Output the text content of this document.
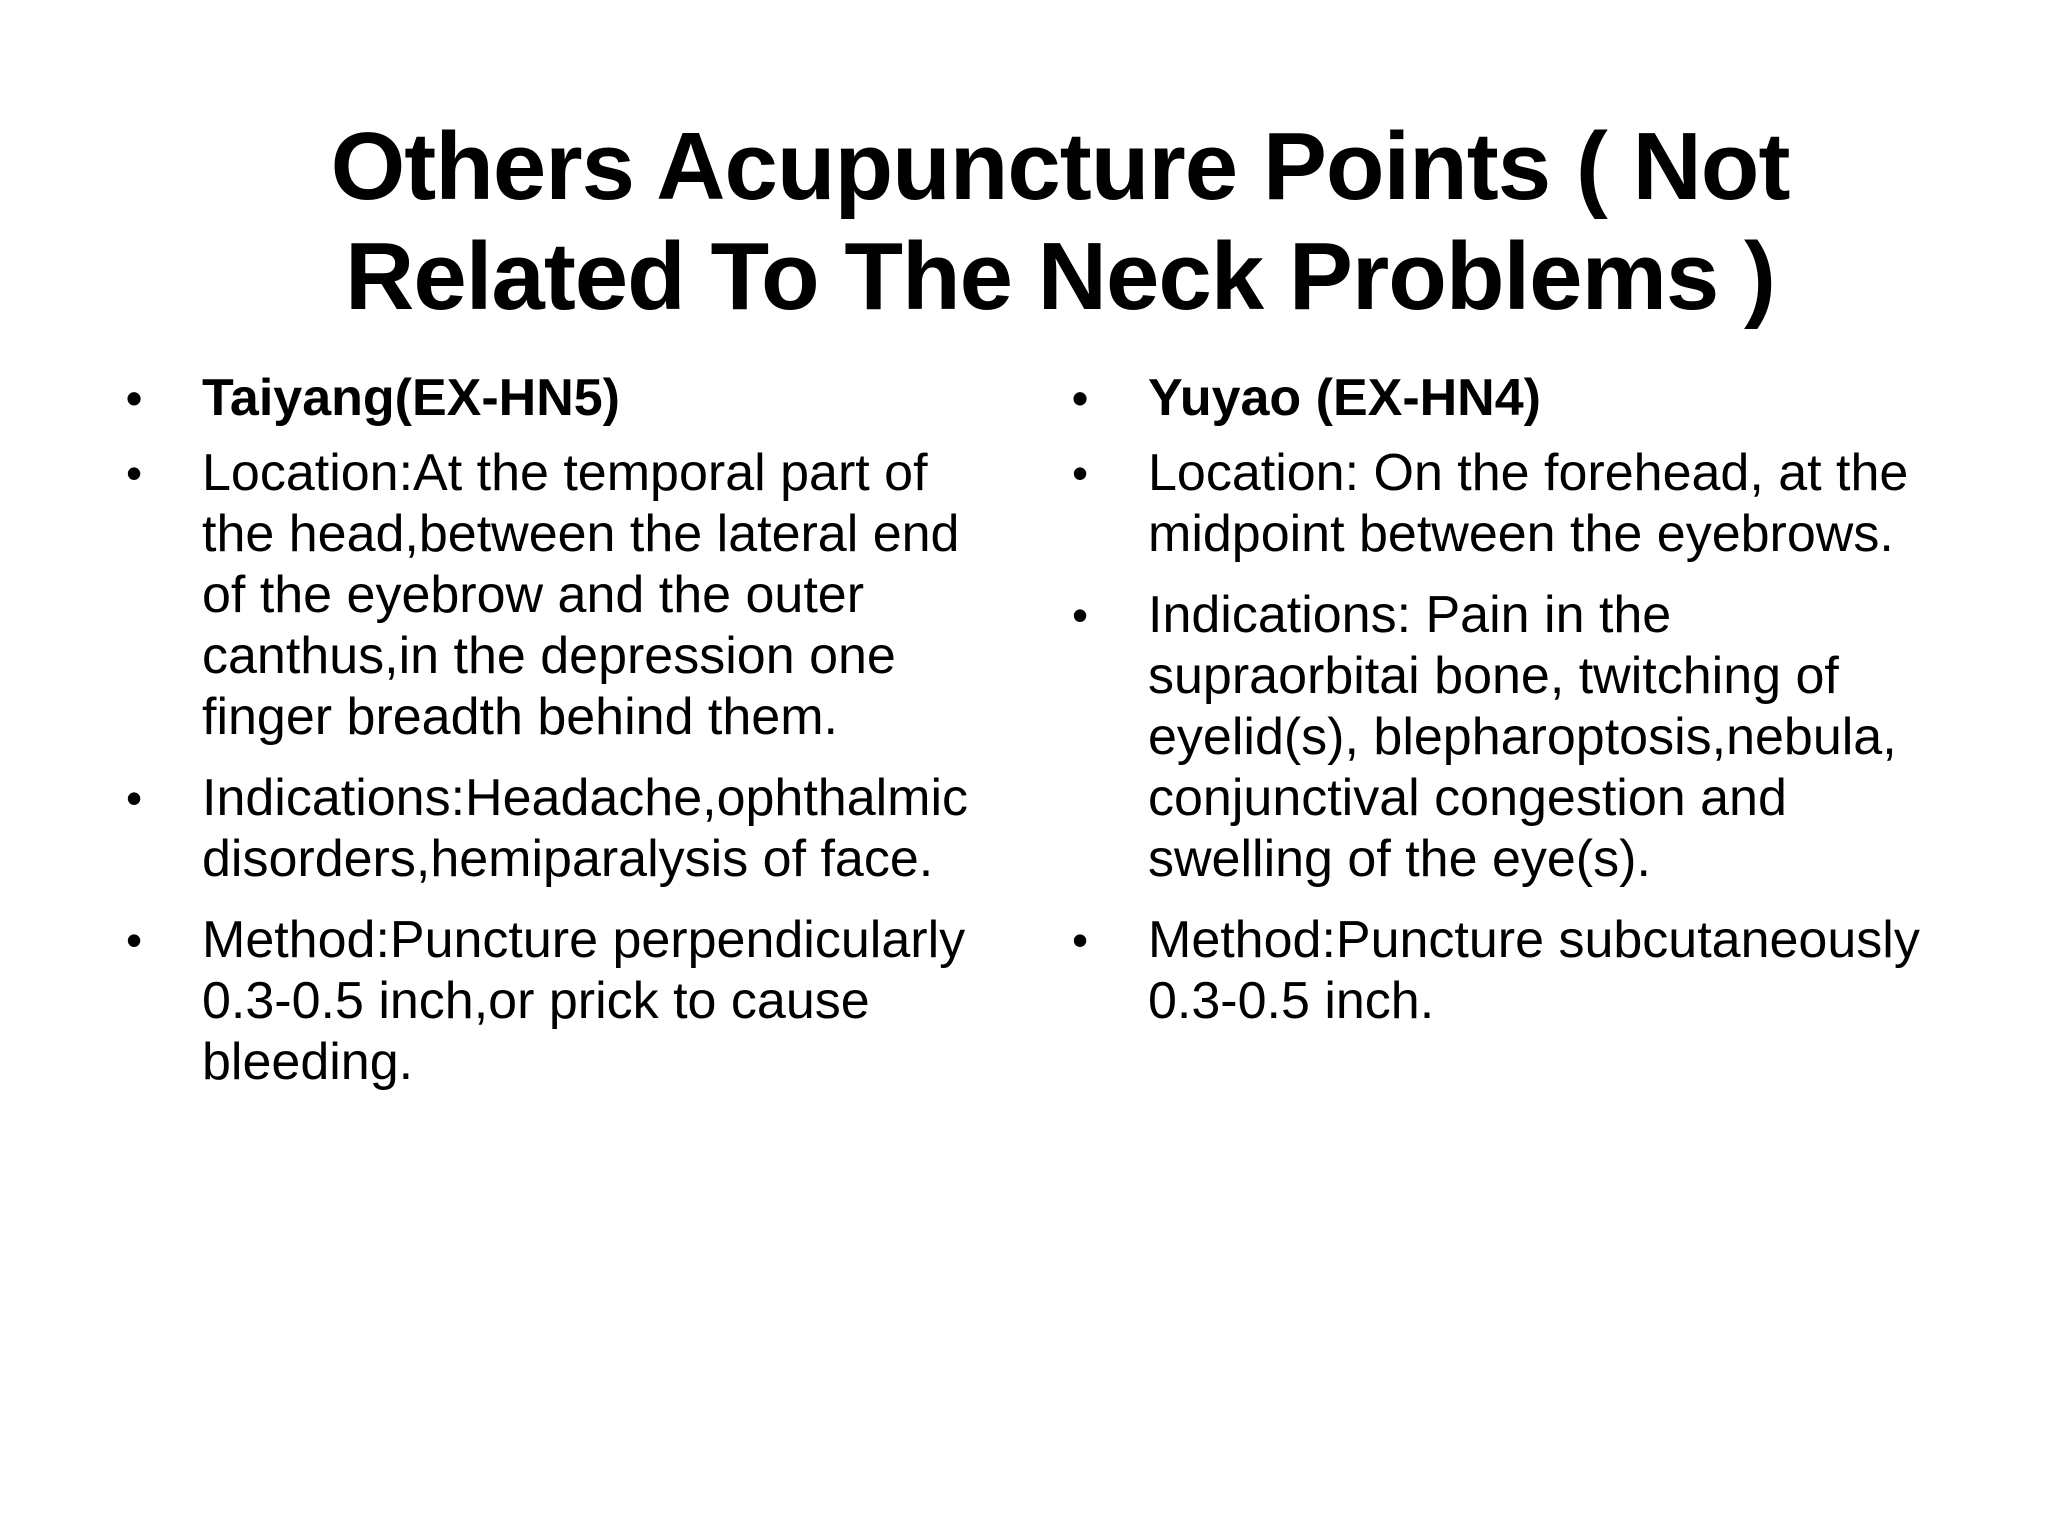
Others Acupuncture Points ( Not Related To The Neck Problems )
• Taiyang(EX-HN5)
• Location:At the temporal part of the head,between the lateral end of the eyebrow and the outer canthus,in the depression one finger breadth behind them.
• Indications:Headache,ophthalmic disorders,hemiparalysis of face.
• Method:Puncture perpendicularly 0.3-0.5 inch,or prick to cause bleeding.
• Yuyao (EX-HN4)
• Location: On the forehead, at the midpoint between the eyebrows.
• Indications: Pain in the supraorbitai bone, twitching of eyelid(s), blepharoptosis,nebula, conjunctival congestion and swelling of the eye(s).
• Method:Puncture subcutaneously 0.3-0.5 inch.
